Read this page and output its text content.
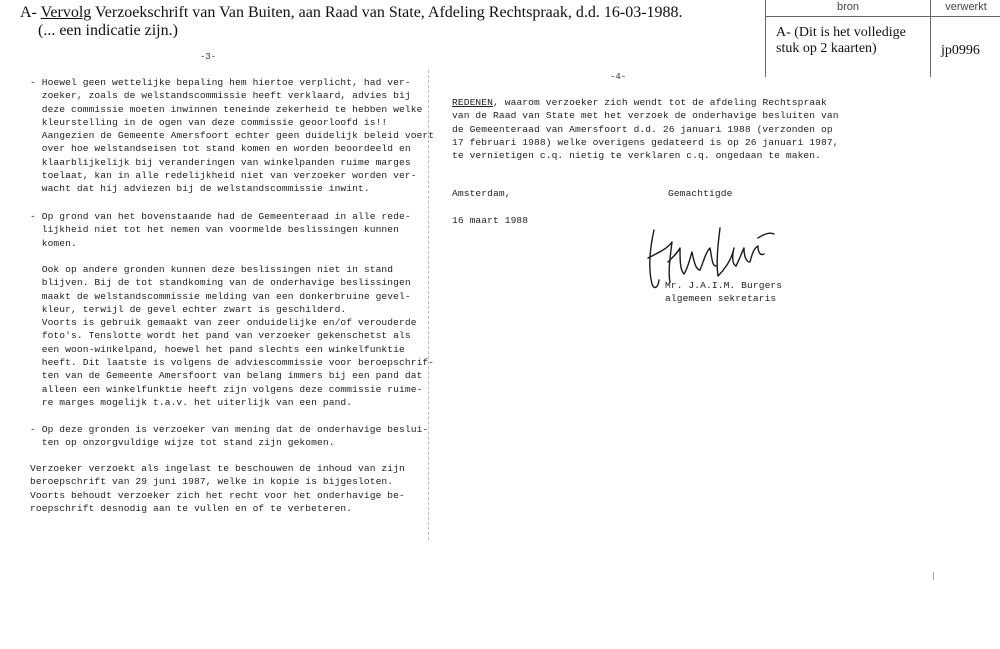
A- Vervolg Verzoekschrift van Van Buiten, aan Raad van State, Afdeling Rechtspraak, d.d. 16-03-1988.
(... een indicatie zijn.)
bron	verwerkt
A- (Dit is het volledige
stuk op 2 kaarten)	jp0996
-3-
- Hoewel geen wettelijke bepaling hem hiertoe verplicht, had ver-
zoeker, zoals de welstandscommissie heeft verklaard, advies bij
deze commissie moeten inwinnen teneinde zekerheid te hebben welke
kleurstelling in de ogen van deze commissie geoorloofd is!!
Aangezien de Gemeente Amersfoort echter geen duidelijk beleid voert
over hoe welstandseisen tot stand komen en worden beoordeeld en
klaarblijkelijk bij veranderingen van winkelpanden ruime marges
toelaat, kan in alle redelijkheid niet van verzoeker worden ver-
wacht dat hij adviezen bij de welstandscommissie inwint.
- Op grond van het bovenstaande had de Gemeenteraad in alle rede-
lijkheid niet tot het nemen van voormelde beslissingen kunnen
komen.
Ook op andere gronden kunnen deze beslissingen niet in stand
blijven. Bij de tot standkoming van de onderhavige beslissingen
maakt de welstandscommissie melding van een donkerbruine gevel-
kleur, terwijl de gevel echter zwart is geschilderd.
Voorts is gebruik gemaakt van zeer onduidelijke en/of verouderde
foto's. Tenslotte wordt het pand van verzoeker gekenschetst als
een woon-winkelpand, hoewel het pand slechts een winkelfunktie
heeft. Dit laatste is volgens de adviescommissie voor beroepschrif-
ten van de Gemeente Amersfoort van belang immers bij een pand dat
alleen een winkelfunktie heeft zijn volgens deze commissie ruime-
re marges mogelijk t.a.v. het uiterlijk van een pand.
- Op deze gronden is verzoeker van mening dat de onderhavige beslui-
ten op onzorgvuldige wijze tot stand zijn gekomen.
Verzoeker verzoekt als ingelast te beschouwen de inhoud van zijn
beroepschrift van 29 juni 1987, welke in kopie is bijgesloten.
Voorts behoudt verzoeker zich het recht voor het onderhavige be-
roepschrift desnodig aan te vullen en of te verbeteren.
-4-
REDENEN, waarom verzoeker zich wendt tot de afdeling Rechtspraak
van de Raad van State met het verzoek de onderhavige besluiten van
de Gemeenteraad van Amersfoort d.d. 26 januari 1988 (verzonden op
17 februari 1988) welke overigens gedateerd is op 26 januari 1987,
te vernietigen c.q. nietig te verklaren c.q. ongedaan te maken.
Amsterdam,	Gemachtigde
16 maart 1988
Mr. J.A.I.M. Burgers
algemeen sekretaris
